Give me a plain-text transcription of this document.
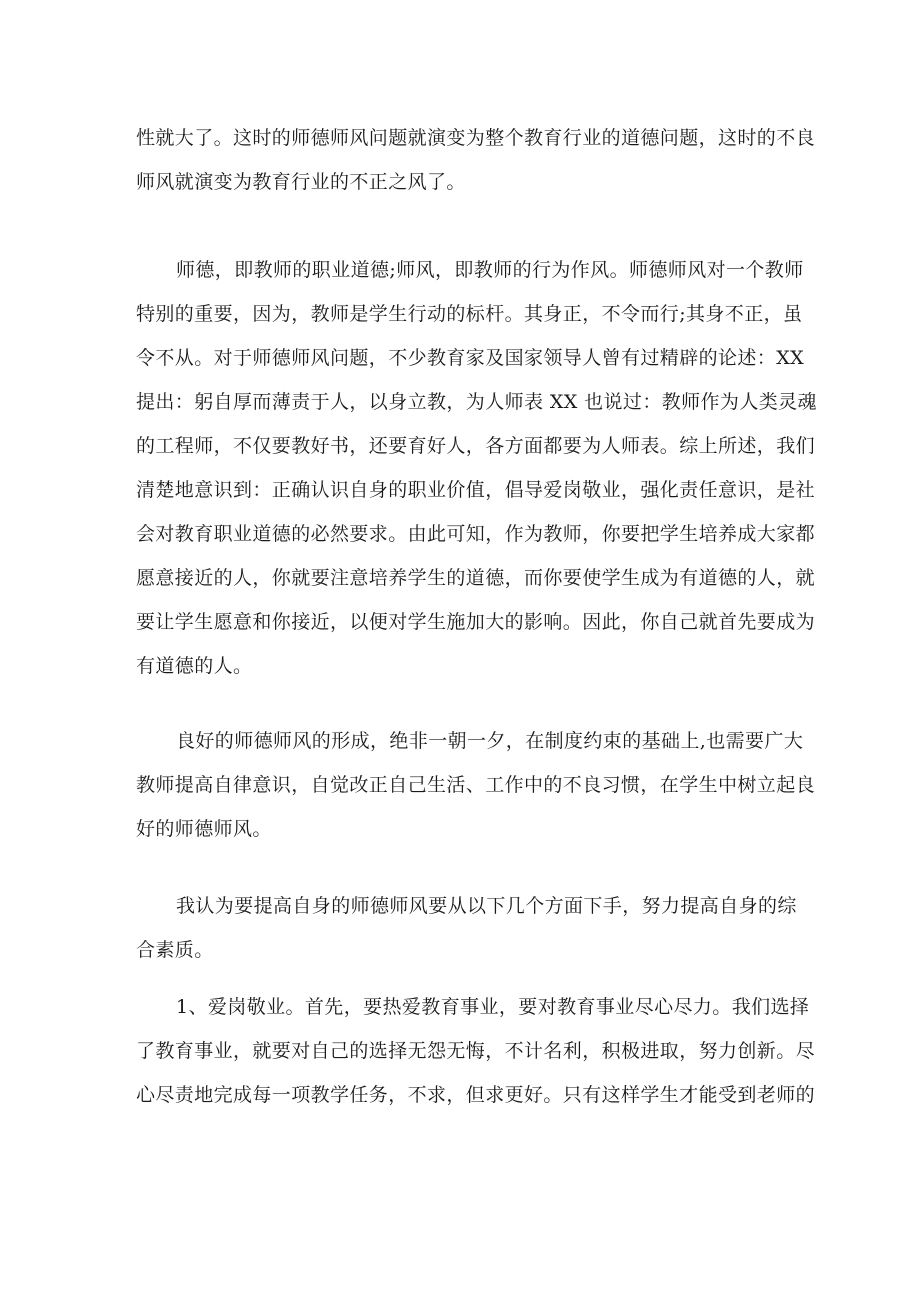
性就大了。这时的师德师风问题就演变为整个教育行业的道德问题，这时的不良
师风就演变为教育行业的不正之风了。
师德，即教师的职业道德;师风，即教师的行为作风。师德师风对一个教师
特别的重要，因为，教师是学生行动的标杆。其身正，不令而行;其身不正，虽
令不从。对于师德师风问题，不少教育家及国家领导人曾有过精辟的论述：XX
提出：躬自厚而薄责于人，以身立教，为人师表 XX 也说过：教师作为人类灵魂
的工程师，不仅要教好书，还要育好人，各方面都要为人师表。综上所述，我们
清楚地意识到：正确认识自身的职业价值，倡导爱岗敬业，强化责任意识，是社
会对教育职业道德的必然要求。由此可知，作为教师，你要把学生培养成大家都
愿意接近的人，你就要注意培养学生的道德，而你要使学生成为有道德的人，就
要让学生愿意和你接近，以便对学生施加大的影响。因此，你自己就首先要成为
有道德的人。
良好的师德师风的形成，绝非一朝一夕，在制度约束的基础上,也需要广大
教师提高自律意识，自觉改正自己生活、工作中的不良习惯，在学生中树立起良
好的师德师风。
我认为要提高自身的师德师风要从以下几个方面下手，努力提高自身的综
合素质。
1、爱岗敬业。首先，要热爱教育事业，要对教育事业尽心尽力。我们选择
了教育事业，就要对自己的选择无怨无悔，不计名利，积极进取，努力创新。尽
心尽责地完成每一项教学任务，不求，但求更好。只有这样学生才能受到老师的
